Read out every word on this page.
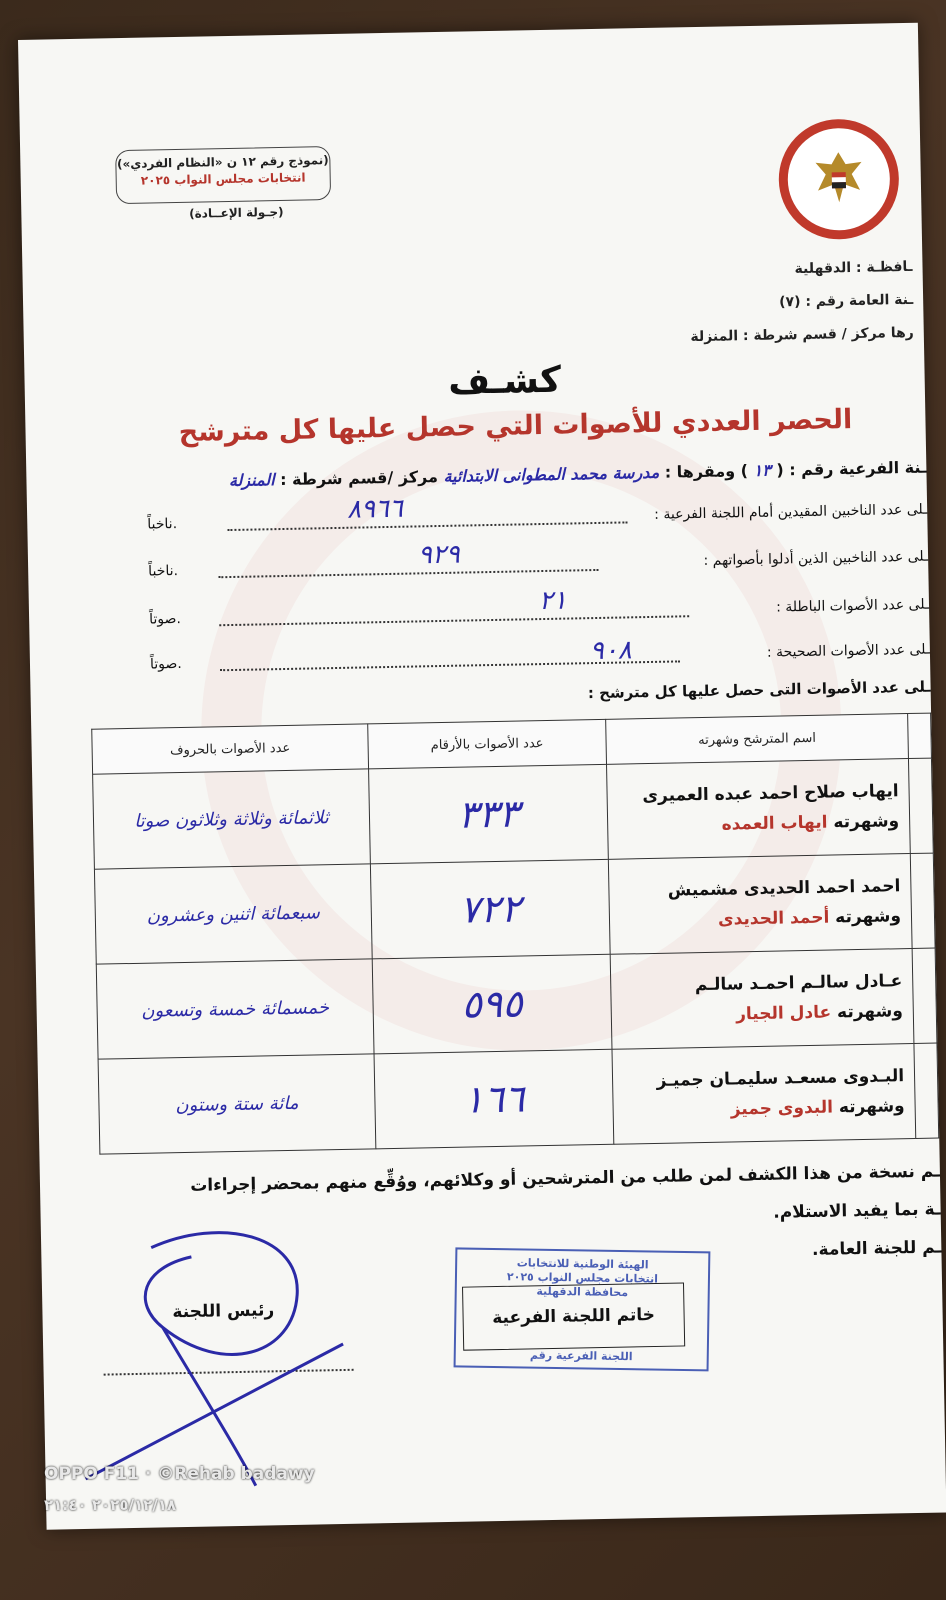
(نموذج رقم ١٢ ن «النظام الفردي»)
انتخابات مجلس النواب ٢٠٢٥
(جـولة الإعــادة)
ـافظـة : الدقهلية
ـنة العامة رقم : (٧)
رها مركز / قسم شرطة : المنزلة
كشـف
الحصر العددي للأصوات التي حصل عليها كل مترشح
ـنة الفرعية رقم : ( ١٣ ) ومقرها : مدرسة محمد المطوانى الابتدائية مركز /قسم شرطة : المنزلة
ـلى عدد الناخبين المقيدين أمام اللجنة الفرعية :
٨٩٦٦
ناخباً.
ـلى عدد الناخبين الذين أدلوا بأصواتهم :
٩٢٩
ناخباً.
ـلى عدد الأصوات الباطلة :
٢١
صوتاً.
ـلى عدد الأصوات الصحيحة :
٩٠٨
صوتاً.
ـلى عدد الأصوات التى حصل عليها كل مترشح :
	اسم المترشح وشهرته	عدد الأصوات بالأرقام	عدد الأصوات بالحروف

	ايهاب صلاح احمد عبده العميرى
وشهرته ايهاب العمده	٣٣٣	ثلاثمائة وثلاثة وثلاثون صوتا

	احمد احمد الحديدى مشميش
وشهرته أحمد الحديدى	٧٢٢	سبعمائة اثنين وعشرون

	عـادل سالـم احمـد سالـم
وشهرته عادل الجيار	٥٩٥	خمسمائة خمسة وتسعون

	البـدوى مسعـد سليمـان جميـز
وشهرته البدوى جميز	١٦٦	مائة ستة وستون
ـم نسخة من هذا الكشف لمن طلب من المترشحين أو وكلائهم، ووُقِّع منهم بمحضر إجراءات
ـة بما يفيد الاستلام.
ـم للجنة العامة.
الهيئة الوطنية للانتخابات
انتخابات مجلس النواب ٢٠٢٥
محافظة الدقهلية
اللجنة الفرعية رقم
خاتم اللجنة الفرعية
رئيس اللجنة
OPPO F11 · ©Rehab badawy
٢٠٢٥/١٢/١٨ ٢١:٤٠
